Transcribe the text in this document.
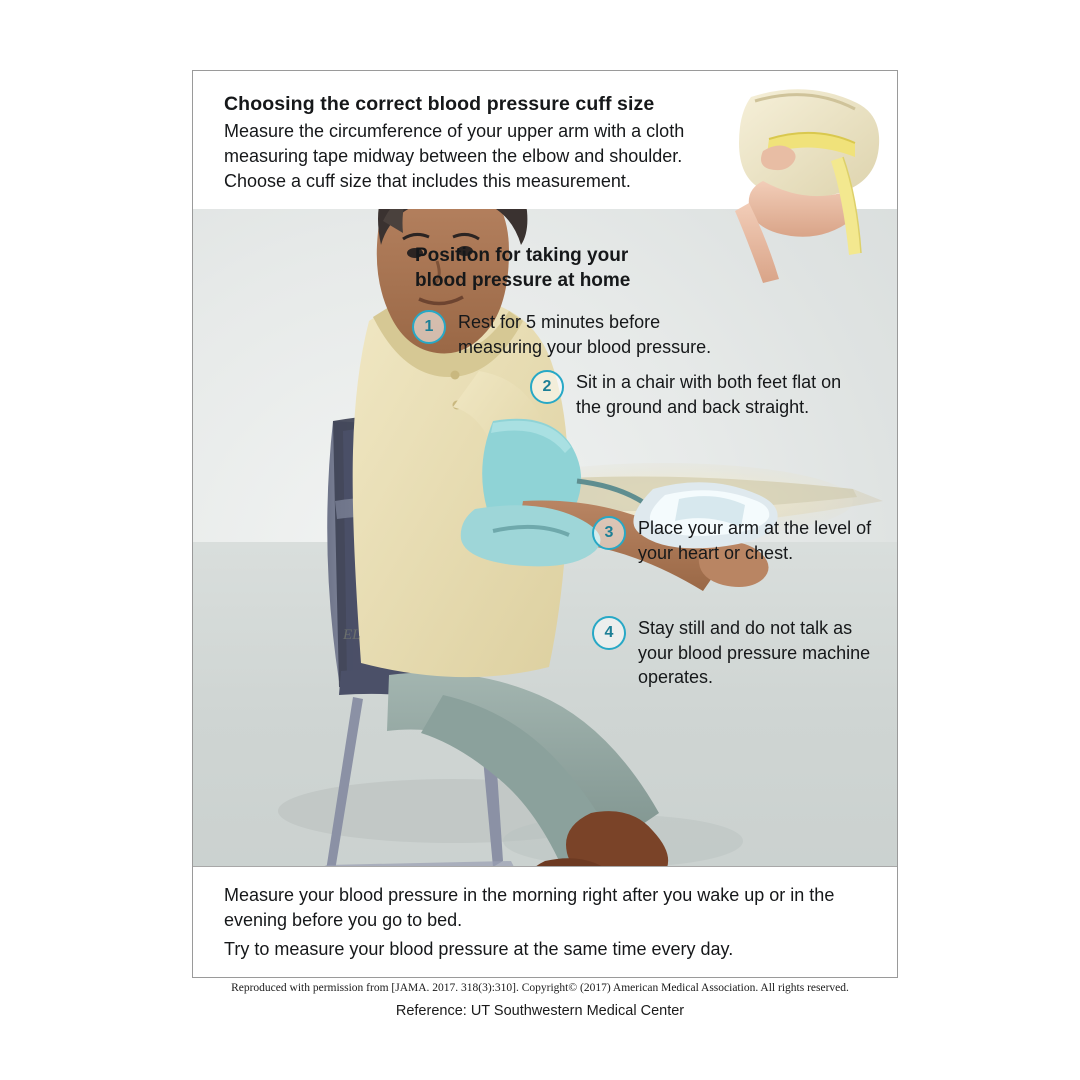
EL
Choosing the correct blood pressure cuff size
Measure the circumference of your upper arm with a cloth measuring tape midway between the elbow and shoulder. Choose a cuff size that includes this measurement.
Position for taking your blood pressure at home
1	Rest for 5 minutes before measuring your blood pressure.
2	Sit in a chair with both feet flat on the ground and back straight.
3	Place your arm at the level of your heart or chest.
4	Stay still and do not talk as your blood pressure machine operates.
Measure your blood pressure in the morning right after you wake up or in the evening before you go to bed.
Try to measure your blood pressure at the same time every day.
Reproduced with permission from [JAMA. 2017. 318(3):310]. Copyright© (2017) American Medical Association. All rights reserved.
Reference: UT Southwestern Medical Center
